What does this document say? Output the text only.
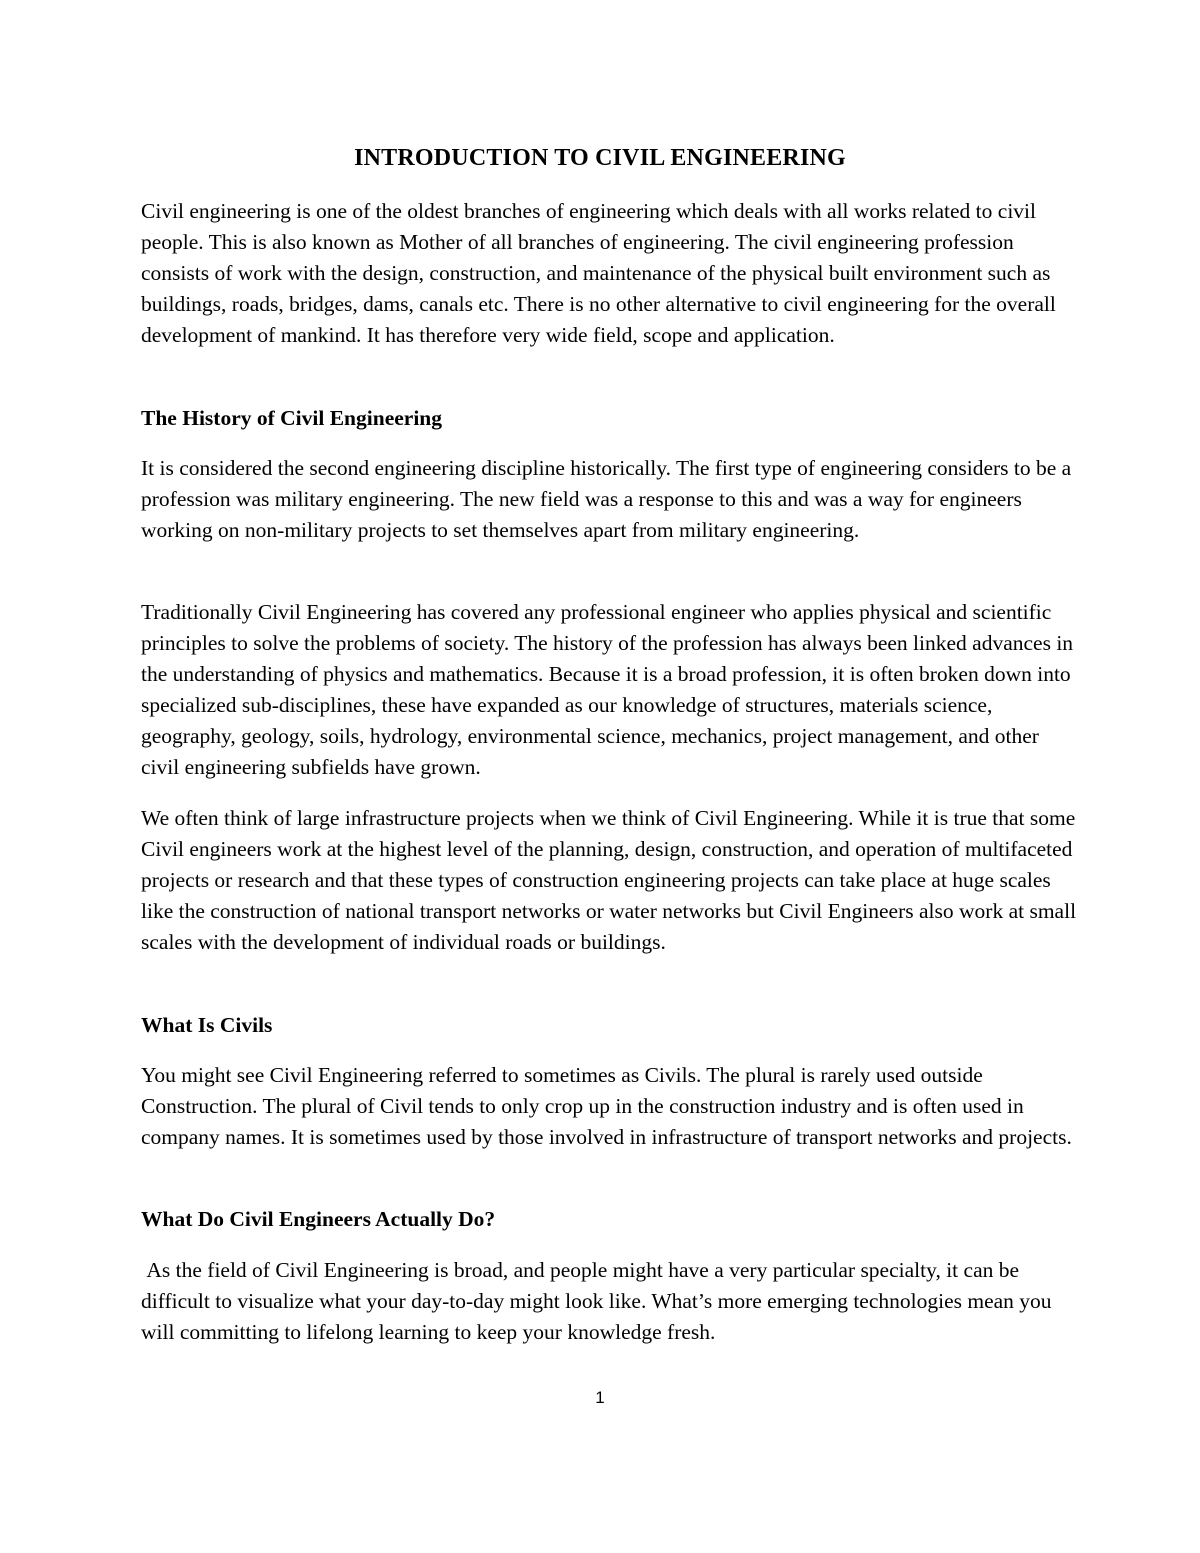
INTRODUCTION TO CIVIL ENGINEERING

Civil engineering is one of the oldest branches of engineering which deals with all works related to civil people. This is also known as Mother of all branches of engineering. The civil engineering profession consists of work with the design, construction, and maintenance of the physical built environment such as buildings, roads, bridges, dams, canals etc. There is no other alternative to civil engineering for the overall development of mankind. It has therefore very wide field, scope and application.

The History of Civil Engineering

It is considered the second engineering discipline historically. The first type of engineering considers to be a profession was military engineering. The new field was a response to this and was a way for engineers working on non-military projects to set themselves apart from military engineering.

Traditionally Civil Engineering has covered any professional engineer who applies physical and scientific principles to solve the problems of society. The history of the profession has always been linked advances in the understanding of physics and mathematics. Because it is a broad profession, it is often broken down into specialized sub-disciplines, these have expanded as our knowledge of structures, materials science, geography, geology, soils, hydrology, environmental science, mechanics, project management, and other civil engineering subfields have grown.

We often think of large infrastructure projects when we think of Civil Engineering. While it is true that some Civil engineers work at the highest level of the planning, design, construction, and operation of multifaceted projects or research and that these types of construction engineering projects can take place at huge scales like the construction of national transport networks or water networks but Civil Engineers also work at small scales with the development of individual roads or buildings.

What Is Civils

You might see Civil Engineering referred to sometimes as Civils. The plural is rarely used outside Construction. The plural of Civil tends to only crop up in the construction industry and is often used in company names. It is sometimes used by those involved in infrastructure of transport networks and projects.

What Do Civil Engineers Actually Do?

As the field of Civil Engineering is broad, and people might have a very particular specialty, it can be difficult to visualize what your day-to-day might look like. What’s more emerging technologies mean you will committing to lifelong learning to keep your knowledge fresh.

1
